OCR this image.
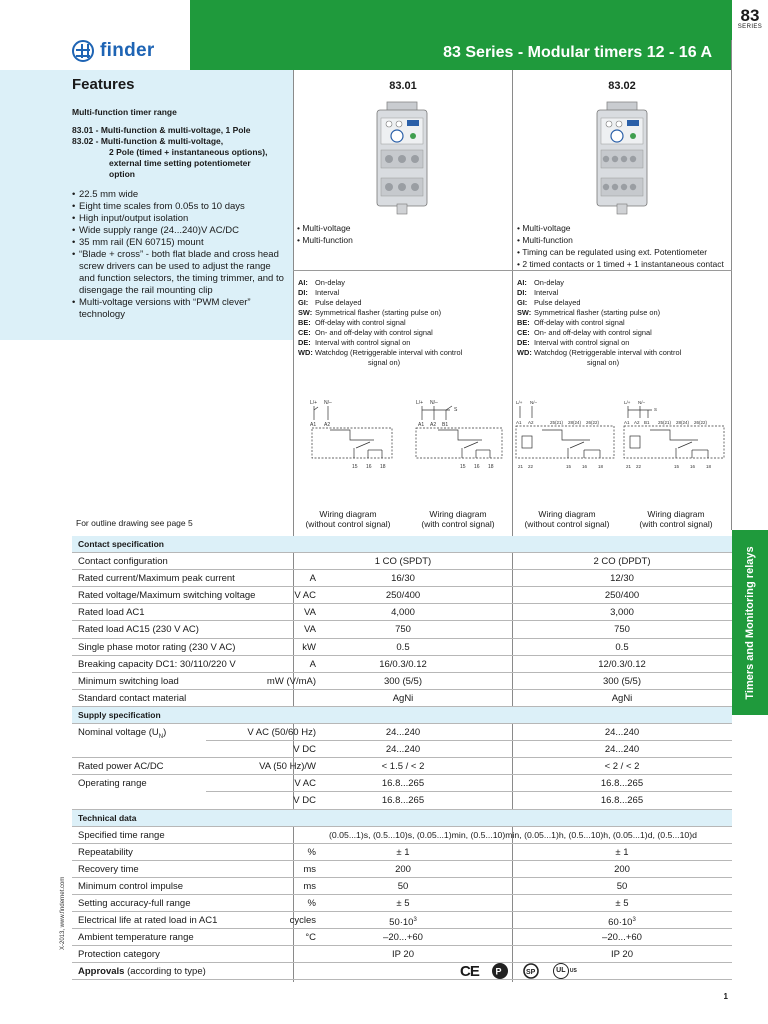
finder	83 Series - Modular timers 12 - 16 A
83
SERIES
Features
Multi-function timer range
83.01 - Multi-function & multi-voltage, 1 Pole
83.02 - Multi-function & multi-voltage,
2 Pole (timed + instantaneous options),
external time setting potentiometer
option
• 22.5 mm wide
• Eight time scales from 0.05s to 10 days
• High input/output isolation
• Wide supply range (24...240)V AC/DC
• 35 mm rail (EN 60715) mount
• “Blade + cross” - both flat blade and cross head screw drivers can be used to adjust the range and function selectors, the timing trimmer, and to disengage the rail mounting clip
• Multi-voltage versions with “PWM clever” technology
83.01
• Multi-voltage
• Multi-function
AI: On-delay
DI: Interval
GI: Pulse delayed
SW: Symmetrical flasher (starting pulse on)
BE: Off-delay with control signal
CE: On- and off-delay with control signal
DE: Interval with control signal on
WD: Watchdog (Retriggerable interval with control
signal on)
L/+ N/–
A1 A2
15 16 18
L/+ N/–
S
A1 A2 B1
15 16 18
Wiring diagram
(without control signal)
Wiring diagram
(with control signal)
83.02
• Multi-voltage
• Multi-function
• Timing can be regulated using ext. Potentiometer
• 2 timed contacts or 1 timed + 1 instantaneous contact
AI: On-delay
DI: Interval
GI: Pulse delayed
SW: Symmetrical flasher (starting pulse on)
BE: Off-delay with control signal
CE: On- and off-delay with control signal
DE: Interval with control signal on
WD: Watchdog (Retriggerable interval with control
signal on)
L/+ N/–
A1 A2	25(21) 28(24) 26(22)
21 22	15 16 18
L/+ N/–
S
A1 A2 B1 25(21) 28(24) 26(22)
21 22	15 16 18
Wiring diagram
(without control signal)
Wiring diagram
(with control signal)
For outline drawing see page 5
Contact specification
Contact configuration	1 CO (SPDT)	2 CO (DPDT)
Rated current/Maximum peak current	A	16/30	12/30
Rated voltage/Maximum switching voltage	V AC	250/400	250/400
Rated load AC1	VA	4,000	3,000
Rated load AC15 (230 V AC)	VA	750	750
Single phase motor rating (230 V AC)	kW	0.5	0.5
Breaking capacity DC1: 30/110/220 V	A	16/0.3/0.12	12/0.3/0.12
Minimum switching load	mW (V/mA)	300 (5/5)	300 (5/5)
Standard contact material	AgNi	AgNi
Supply specification
Nominal voltage $(U_N)$	V AC (50/60 Hz)	24...240	24...240
V DC	24...240	24...240
Rated power AC/DC	VA (50 Hz)/W	< 1.5 / < 2	< 2 / < 2
Operating range	V AC	16.8...265	16.8...265
V DC	16.8...265	16.8...265
Technical data
Specified time range	(0.05...1)s, (0.5...10)s, (0.05...1)min, (0.5...10)min, (0.05...1)h, (0.5...10)h, (0.05...1)d, (0.5...10)d
Repeatability	%	± 1	± 1
Recovery time	ms	200	200
Minimum control impulse	ms	50	50
Setting accuracy-full range	%	± 5	± 5
Electrical life at rated load in AC1	cycles	$50\cdot 10^3$	$60\cdot 10^3$
Ambient temperature range	°C	–20...+60	–20...+60
Protection category	IP 20	IP 20
Approvals (according to type)	CE P	SP	UL US
Timers and Monitoring relays
X-2013, www.findernet.com
1
